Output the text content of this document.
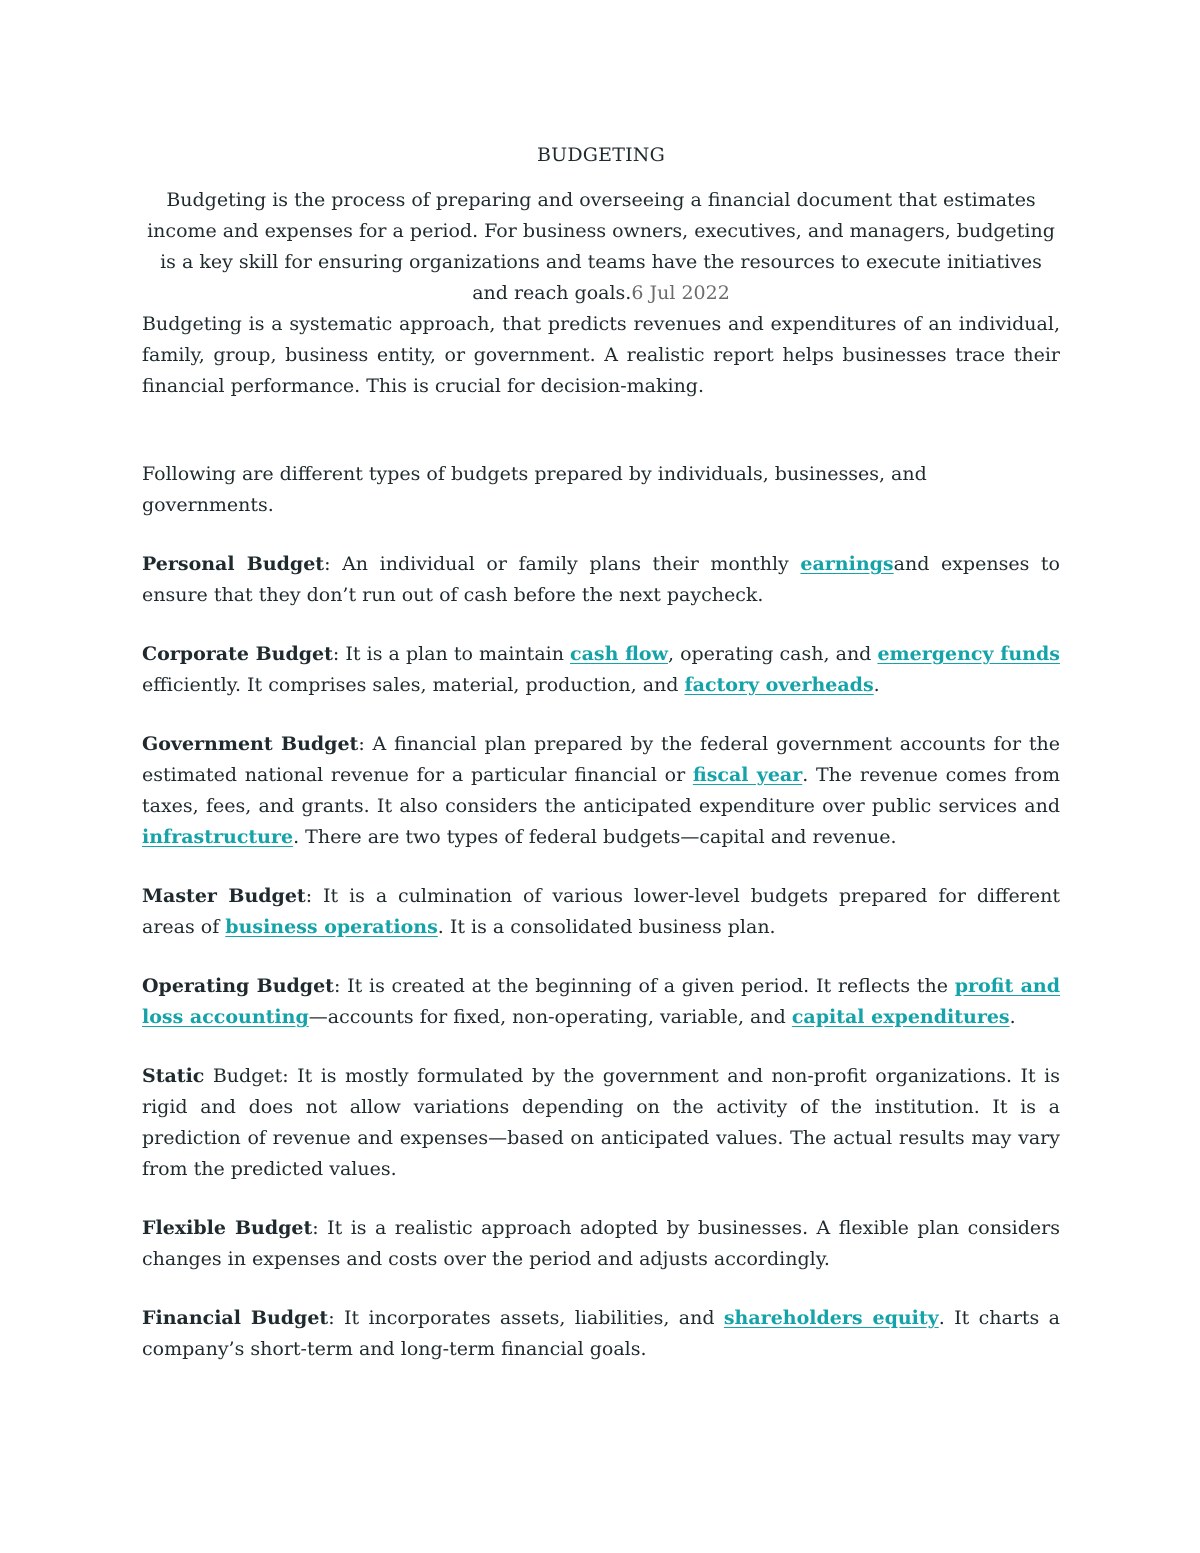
BUDGETING

Budgeting is the process of preparing and overseeing a financial document that estimates income and expenses for a period. For business owners, executives, and managers, budgeting is a key skill for ensuring organizations and teams have the resources to execute initiatives and reach goals.6 Jul 2022

Budgeting is a systematic approach, that predicts revenues and expenditures of an individual, family, group, business entity, or government. A realistic report helps businesses trace their financial performance. This is crucial for decision-making.

Following are different types of budgets prepared by individuals, businesses, and governments.

Personal Budget: An individual or family plans their monthly earningsand expenses to ensure that they don’t run out of cash before the next paycheck.

Corporate Budget: It is a plan to maintain cash flow, operating cash, and emergency funds efficiently. It comprises sales, material, production, and factory overheads.

Government Budget: A financial plan prepared by the federal government accounts for the estimated national revenue for a particular financial or fiscal year. The revenue comes from taxes, fees, and grants. It also considers the anticipated expenditure over public services and infrastructure. There are two types of federal budgets—capital and revenue.

Master Budget: It is a culmination of various lower-level budgets prepared for different areas of business operations. It is a consolidated business plan.

Operating Budget: It is created at the beginning of a given period. It reflects the profit and loss accounting—accounts for fixed, non-operating, variable, and capital expenditures.

Static Budget: It is mostly formulated by the government and non-profit organizations. It is rigid and does not allow variations depending on the activity of the institution. It is a prediction of revenue and expenses—based on anticipated values. The actual results may vary from the predicted values.

Flexible Budget: It is a realistic approach adopted by businesses. A flexible plan considers changes in expenses and costs over the period and adjusts accordingly.

Financial Budget: It incorporates assets, liabilities, and shareholders equity. It charts a company’s short-term and long-term financial goals.
